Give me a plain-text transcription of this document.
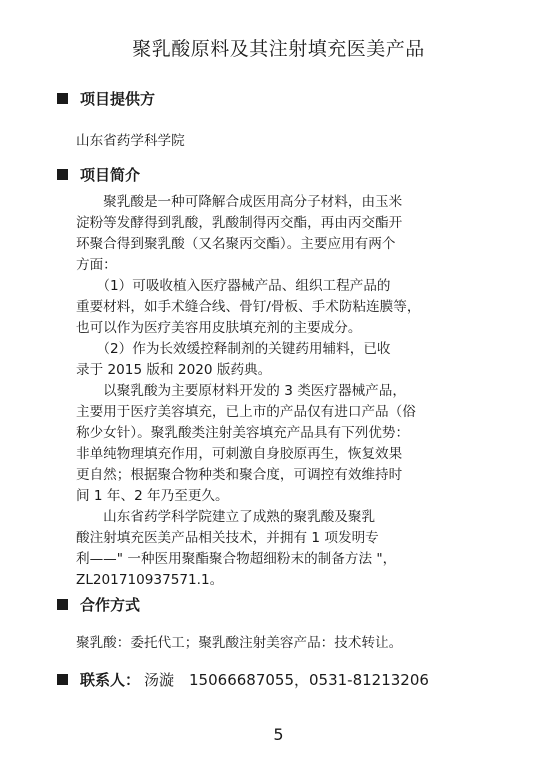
聚乳酸原料及其注射填充医美产品
项目提供方
山东省药学科学院
项目简介
　　聚乳酸是一种可降解合成医用高分子材料，由玉米
淀粉等发酵得到乳酸，乳酸制得丙交酯，再由丙交酯开
环聚合得到聚乳酸（又名聚丙交酯）。主要应用有两个
方面：
　　（1）可吸收植入医疗器械产品、组织工程产品的
重要材料，如手术缝合线、骨钉/骨板、手术防粘连膜等，
也可以作为医疗美容用皮肤填充剂的主要成分。
　　（2）作为长效缓控释制剂的关键药用辅料，已收
录于 2015 版和 2020 版药典。
　　以聚乳酸为主要原材料开发的 3 类医疗器械产品，
主要用于医疗美容填充，已上市的产品仅有进口产品（俗
称少女针）。聚乳酸类注射美容填充产品具有下列优势：
非单纯物理填充作用，可刺激自身胶原再生，恢复效果
更自然；根据聚合物种类和聚合度，可调控有效维持时
间 1 年、2 年乃至更久。
　　山东省药学科学院建立了成熟的聚乳酸及聚乳
酸注射填充医美产品相关技术，并拥有 1 项发明专
利——" 一种医用聚酯聚合物超细粉末的制备方法 "，
ZL201710937571.1。
合作方式
聚乳酸：委托代工；聚乳酸注射美容产品：技术转让。
联系人： 汤漩　15066687055，0531-81213206
5
